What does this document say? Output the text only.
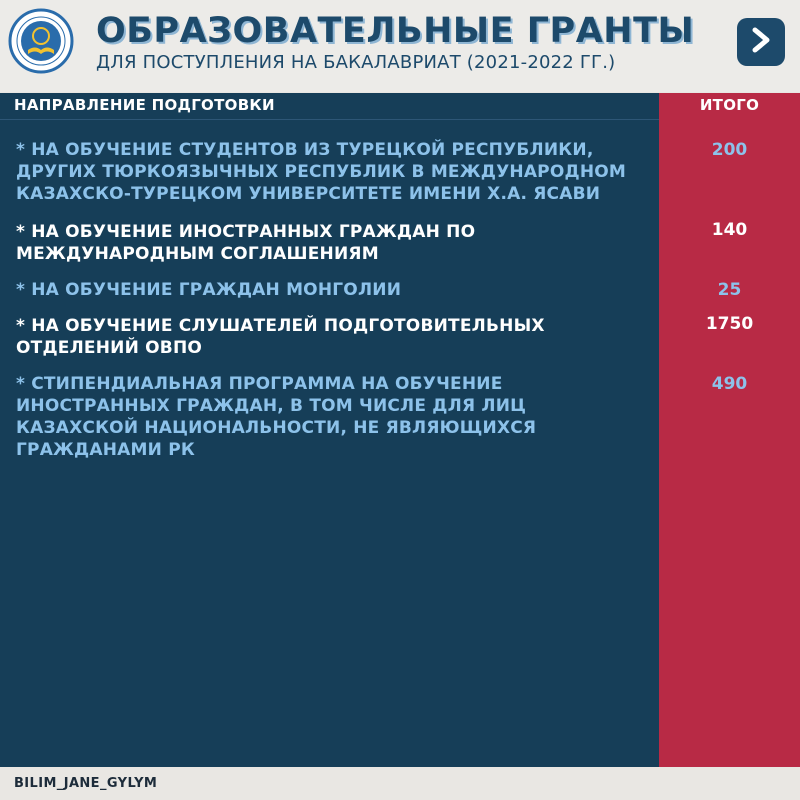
ОБРАЗОВАТЕЛЬНЫЕ ГРАНТЫ
ДЛЯ ПОСТУПЛЕНИЯ НА БАКАЛАВРИАТ (2021-2022 ГГ.)
НАПРАВЛЕНИЕ ПОДГОТОВКИ	ИТОГО
* НА ОБУЧЕНИЕ СТУДЕНТОВ ИЗ ТУРЕЦКОЙ РЕСПУБЛИКИ,
ДРУГИХ ТЮРКОЯЗЫЧНЫХ РЕСПУБЛИК В МЕЖДУНАРОДНОМ
КАЗАХСКО-ТУРЕЦКОМ УНИВЕРСИТЕТЕ ИМЕНИ Х.А. ЯСАВИ
200
* НА ОБУЧЕНИЕ ИНОСТРАННЫХ ГРАЖДАН ПО
МЕЖДУНАРОДНЫМ СОГЛАШЕНИЯМ
140
* НА ОБУЧЕНИЕ ГРАЖДАН МОНГОЛИИ	25
* НА ОБУЧЕНИЕ СЛУШАТЕЛЕЙ ПОДГОТОВИТЕЛЬНЫХ
ОТДЕЛЕНИЙ ОВПО
1750
* СТИПЕНДИАЛЬНАЯ ПРОГРАММА НА ОБУЧЕНИЕ
ИНОСТРАННЫХ ГРАЖДАН, В ТОМ ЧИСЛЕ ДЛЯ ЛИЦ
КАЗАХСКОЙ НАЦИОНАЛЬНОСТИ, НЕ ЯВЛЯЮЩИХСЯ
ГРАЖДАНАМИ РК
490
BILIM_JANE_GYLYM
